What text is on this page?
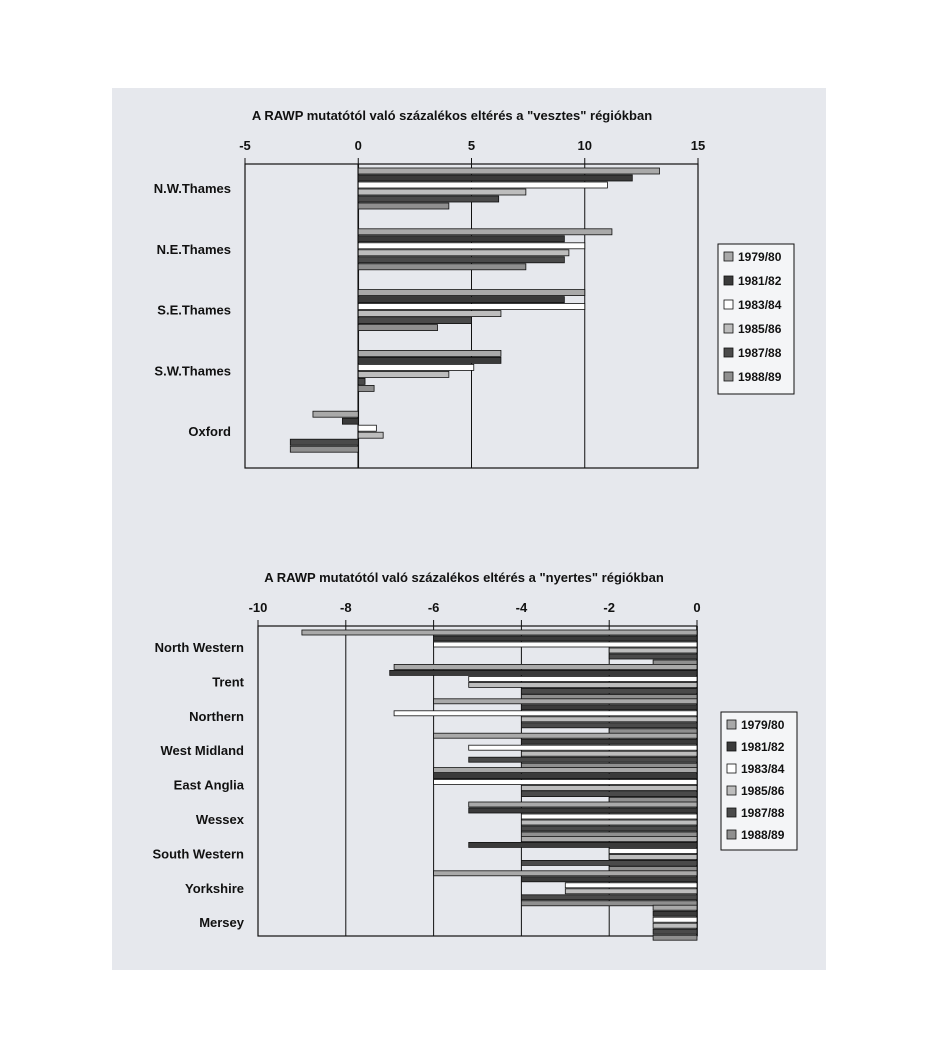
A RAWP mutatótól való százalékos eltérés a "vesztes" régiókban
-5	0	5	10	15
N.W.Thames
N.E.Thames
S.E.Thames
S.W.Thames
Oxford
1979/80
1981/82
1983/84
1985/86
1987/88
1988/89
A RAWP mutatótól való százalékos eltérés a "nyertes" régiókban
-10	-8	-6	-4	-2	0
North Western
Trent
Northern
West Midland
East Anglia
Wessex
South Western
Yorkshire
Mersey
1979/80
1981/82
1983/84
1985/86
1987/88
1988/89
